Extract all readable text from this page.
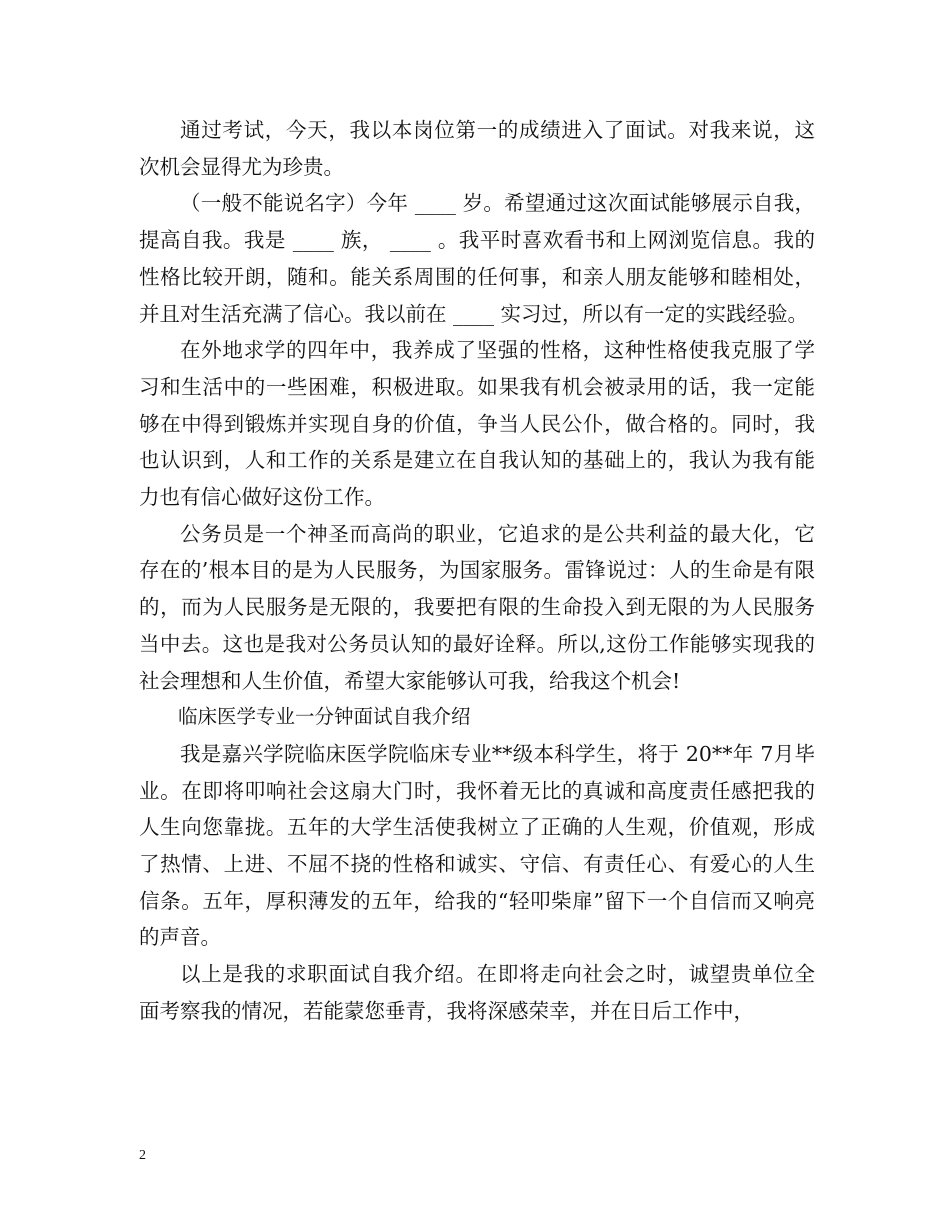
通过考试，今天，我以本岗位第一的成绩进入了面试。对我来说，这次机会显得尤为珍贵。

（一般不能说名字）今年 ____ 岁。希望通过这次面试能够展示自我，提高自我。我是 ____ 族， ____ 。我平时喜欢看书和上网浏览信息。我的性格比较开朗，随和。能关系周围的任何事，和亲人朋友能够和睦相处，并且对生活充满了信心。我以前在 ____ 实习过，所以有一定的实践经验。

在外地求学的四年中，我养成了坚强的性格，这种性格使我克服了学习和生活中的一些困难，积极进取。如果我有机会被录用的话，我一定能够在中得到锻炼并实现自身的价值，争当人民公仆，做合格的。同时，我也认识到，人和工作的关系是建立在自我认知的基础上的，我认为我有能力也有信心做好这份工作。

公务员是一个神圣而高尚的职业，它追求的是公共利益的最大化，它存在的’根本目的是为人民服务，为国家服务。雷锋说过：人的生命是有限的，而为人民服务是无限的，我要把有限的生命投入到无限的为人民服务当中去。这也是我对公务员认知的最好诠释。所以,这份工作能够实现我的社会理想和人生价值，希望大家能够认可我，给我这个机会!

临床医学专业一分钟面试自我介绍

我是嘉兴学院临床医学院临床专业**级本科学生，将于 20**年 7月毕业。在即将叩响社会这扇大门时，我怀着无比的真诚和高度责任感把我的人生向您靠拢。五年的大学生活使我树立了正确的人生观，价值观，形成了热情、上进、不屈不挠的性格和诚实、守信、有责任心、有爱心的人生信条。五年，厚积薄发的五年，给我的“轻叩柴扉”留下一个自信而又响亮的声音。

以上是我的求职面试自我介绍。在即将走向社会之时，诚望贵单位全面考察我的情况，若能蒙您垂青，我将深感荣幸，并在日后工作中，

2
